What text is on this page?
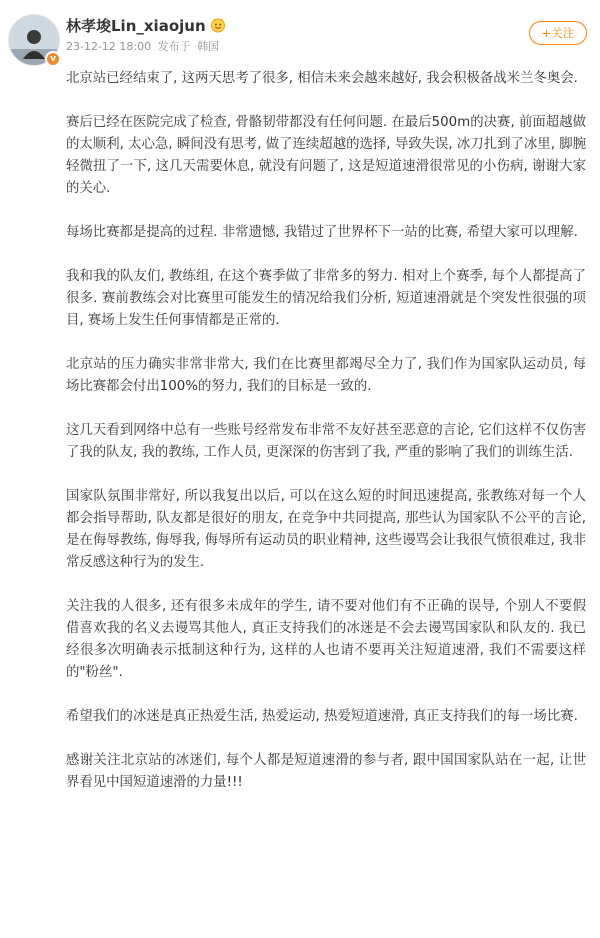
v
林孝埈Lin_xiaojun
23-12-12 18:00 发布于 韩国
+关注

北京站已经结束了, 这两天思考了很多, 相信未来会越来越好, 我会积极备战米兰冬奥会.

赛后已经在医院完成了检查, 骨骼韧带都没有任何问题. 在最后500m的决赛, 前面超越做的太顺利, 太心急, 瞬间没有思考, 做了连续超越的选择, 导致失误, 冰刀扎到了冰里, 脚腕轻微扭了一下, 这几天需要休息, 就没有问题了, 这是短道速滑很常见的小伤病, 谢谢大家的关心.

每场比赛都是提高的过程. 非常遗憾, 我错过了世界杯下一站的比赛, 希望大家可以理解.

我和我的队友们, 教练组, 在这个赛季做了非常多的努力. 相对上个赛季, 每个人都提高了很多. 赛前教练会对比赛里可能发生的情况给我们分析, 短道速滑就是个突发性很强的项目, 赛场上发生任何事情都是正常的.

北京站的压力确实非常非常大, 我们在比赛里都竭尽全力了, 我们作为国家队运动员, 每场比赛都会付出100%的努力, 我们的目标是一致的.

这几天看到网络中总有一些账号经常发布非常不友好甚至恶意的言论, 它们这样不仅伤害了我的队友, 我的教练, 工作人员, 更深深的伤害到了我, 严重的影响了我们的训练生活.

国家队氛围非常好, 所以我复出以后, 可以在这么短的时间迅速提高, 张教练对每一个人都会指导帮助, 队友都是很好的朋友, 在竞争中共同提高, 那些认为国家队不公平的言论, 是在侮辱教练, 侮辱我, 侮辱所有运动员的职业精神, 这些谩骂会让我很气愤很难过, 我非常反感这种行为的发生.

关注我的人很多, 还有很多未成年的学生, 请不要对他们有不正确的误导, 个别人不要假借喜欢我的名义去谩骂其他人, 真正支持我们的冰迷是不会去谩骂国家队和队友的. 我已经很多次明确表示抵制这种行为, 这样的人也请不要再关注短道速滑, 我们不需要这样的"粉丝".

希望我们的冰迷是真正热爱生活, 热爱运动, 热爱短道速滑, 真正支持我们的每一场比赛.

感谢关注北京站的冰迷们, 每个人都是短道速滑的参与者, 跟中国国家队站在一起, 让世界看见中国短道速滑的力量!!!
